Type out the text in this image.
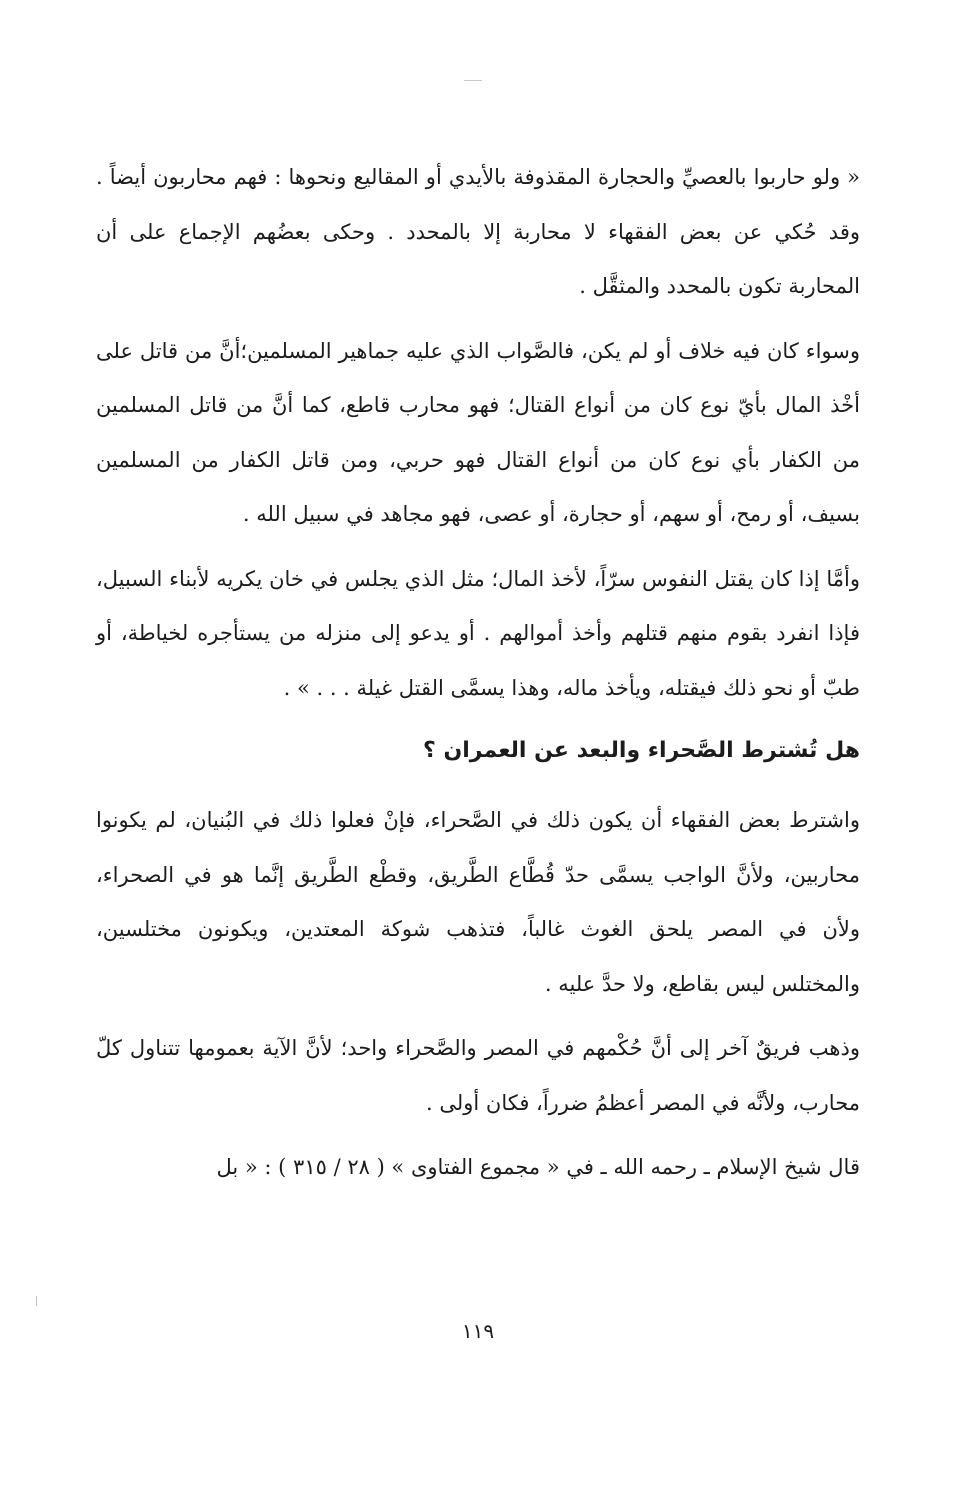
« ولو حاربوا بالعصيِّ والحجارة المقذوفة بالأيدي أو المقاليع ونحوها : فهم محاربون أيضاً . وقد حُكي عن بعض الفقهاء لا محاربة إلا بالمحدد . وحكى بعضُهم الإجماع على أن المحاربة تكون بالمحدد والمثقَّل .

وسواء كان فيه خلاف أو لم يكن، فالصَّواب الذي عليه جماهير المسلمين؛أنَّ من قاتل على أخْذ المال بأيّ نوع كان من أنواع القتال؛ فهو محارب قاطع، كما أنَّ من قاتل المسلمين من الكفار بأي نوع كان من أنواع القتال فهو حربي، ومن قاتل الكفار من المسلمين بسيف، أو رمح، أو سهم، أو حجارة، أو عصى، فهو مجاهد في سبيل الله .

وأمَّا إذا كان يقتل النفوس سرّاً، لأخذ المال؛ مثل الذي يجلس في خان يكريه لأبناء السبيل، فإذا انفرد بقوم منهم قتلهم وأخذ أموالهم . أو يدعو إلى منزله من يستأجره لخياطة، أو طبّ أو نحو ذلك فيقتله، ويأخذ ماله، وهذا يسمَّى القتل غيلة . . . » .

هل تُشترط الصَّحراء والبعد عن العمران ؟

واشترط بعض الفقهاء أن يكون ذلك في الصَّحراء، فإنْ فعلوا ذلك في البُنيان، لم يكونوا محاربين، ولأنَّ الواجب يسمَّى حدّ قُطَّاع الطَّريق، وقطْع الطَّريق إنَّما هو في الصحراء، ولأن في المصر يلحق الغوث غالباً، فتذهب شوكة المعتدين، ويكونون مختلسين، والمختلس ليس بقاطع، ولا حدَّ عليه .

وذهب فريقٌ آخر إلى أنَّ حُكْمهم في المصر والصَّحراء واحد؛ لأنَّ الآية بعمومها تتناول كلّ محارب، ولأنَّه في المصر أعظمُ ضرراً، فكان أولى .

قال شيخ الإسلام ـ رحمه الله ـ في « مجموع الفتاوى » ( ٢٨ / ٣١٥ ) : « بل

١١٩
